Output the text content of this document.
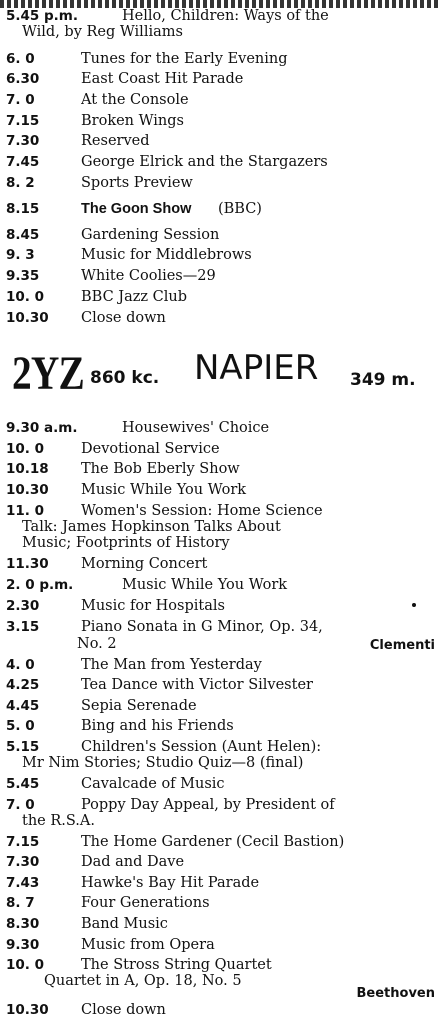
5.45 p.m.	Hello, Children: Ways of the
Wild, by Reg Williams
6. 0	Tunes for the Early Evening
6.30	East Coast Hit Parade
7. 0	At the Console
7.15	Broken Wings
7.30	Reserved
7.45	George Elrick and the Stargazers
8. 2	Sports Preview
8.15	The Goon Show (BBC)
8.45	Gardening Session
9. 3	Music for Middlebrows
9.35	White Coolies—29
10. 0	BBC Jazz Club
10.30 Close down
2YZ 860 kc. NAPIER 349 m.
9.30 a.m.	Housewives' Choice
10. 0	Devotional Service
10.18 The Bob Eberly Show
10.30 Music While You Work
11. 0	Women's Session: Home Science
Talk: James Hopkinson Talks About
Music; Footprints of History
11.30 Morning Concert
2. 0 p.m.	Music While You Work
2.30	Music for Hospitals
3.15	Piano Sonata in G Minor, Op. 34,
No. 2	Clementi
4. 0	The Man from Yesterday
4.25	Tea Dance with Victor Silvester
4.45	Sepia Serenade
5. 0	Bing and his Friends
5.15	Children's Session (Aunt Helen):
Mr Nim Stories; Studio Quiz—8 (final)
5.45	Cavalcade of Music
7. 0	Poppy Day Appeal, by President of
the R.S.A.
7.15	The Home Gardener (Cecil Bastion)
7.30	Dad and Dave
7.43	Hawke's Bay Hit Parade
8. 7	Four Generations
8.30	Band Music
9.30	Music from Opera
10. 0	The Stross String Quartet
Quartet in A, Op. 18, No. 5
Beethoven
10.30 Close down
